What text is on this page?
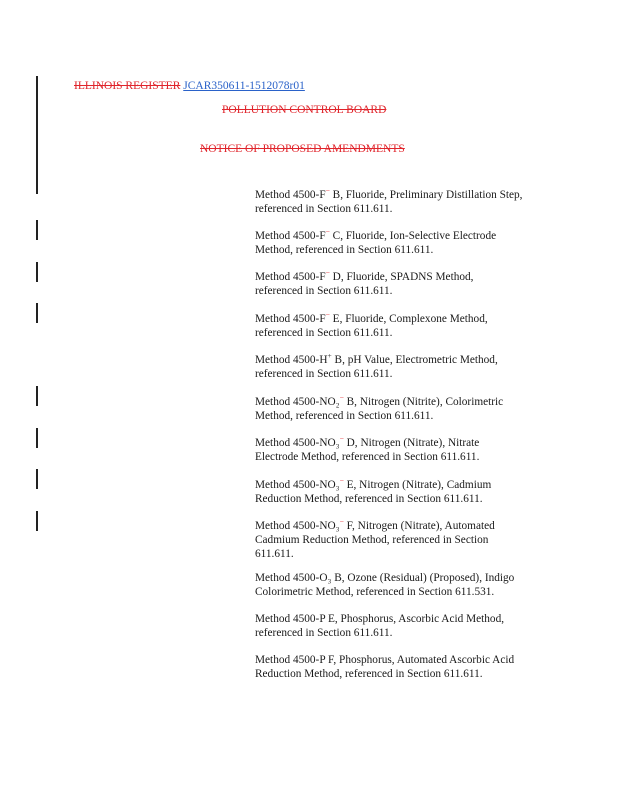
ILLINOIS REGISTER JCAR350611-1512078r01
POLLUTION CONTROL BOARD
NOTICE OF PROPOSED AMENDMENTS

Method 4500-F− B, Fluoride, Preliminary Distillation Step,

referenced in Section 611.611.

Method 4500-F− C, Fluoride, Ion-Selective Electrode

Method, referenced in Section 611.611.

Method 4500-F− D, Fluoride, SPADNS Method,

referenced in Section 611.611.

Method 4500-F− E, Fluoride, Complexone Method,

referenced in Section 611.611.

Method 4500-H+ B, pH Value, Electrometric Method,

referenced in Section 611.611.

Method 4500-NO₂− B, Nitrogen (Nitrite), Colorimetric

Method, referenced in Section 611.611.

Method 4500-NO₃− D, Nitrogen (Nitrate), Nitrate

Electrode Method, referenced in Section 611.611.

Method 4500-NO₃− E, Nitrogen (Nitrate), Cadmium

Reduction Method, referenced in Section 611.611.

Method 4500-NO₃− F, Nitrogen (Nitrate), Automated

Cadmium Reduction Method, referenced in Section

611.611.

Method 4500-O₃ B, Ozone (Residual) (Proposed), Indigo

Colorimetric Method, referenced in Section 611.531.

Method 4500-P E, Phosphorus, Ascorbic Acid Method,

referenced in Section 611.611.

Method 4500-P F, Phosphorus, Automated Ascorbic Acid

Reduction Method, referenced in Section 611.611.
